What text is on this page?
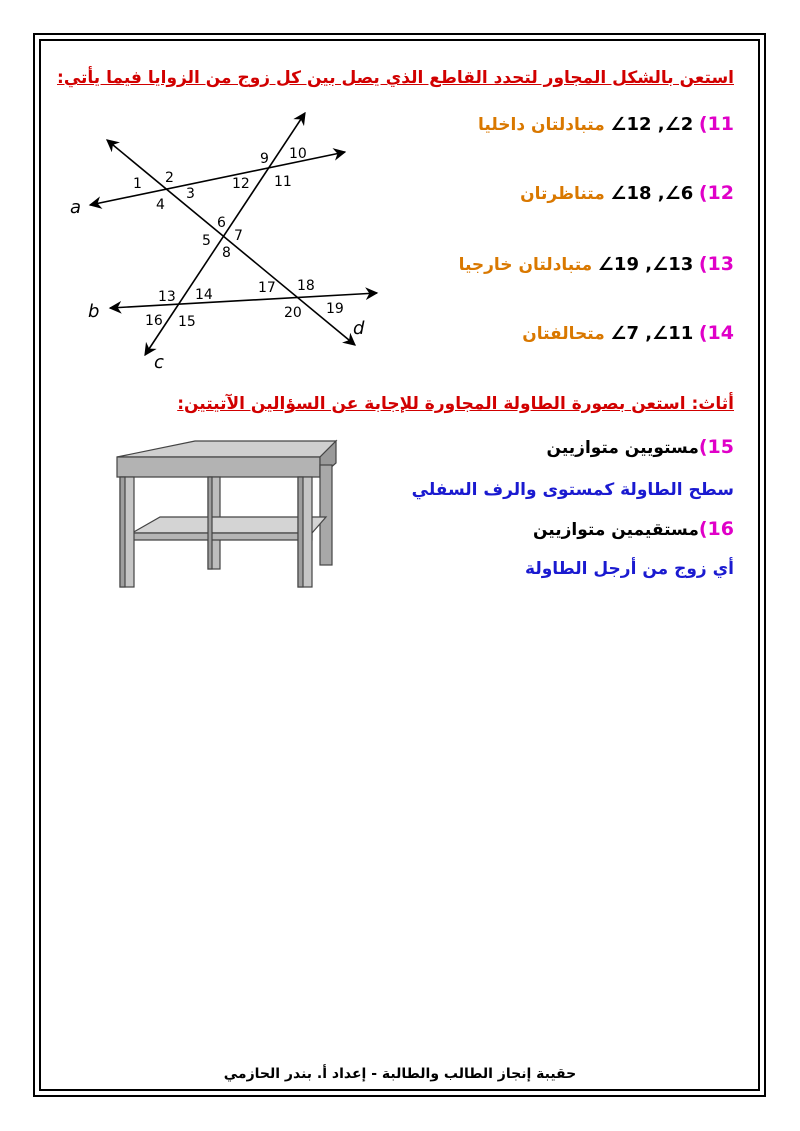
استعن بالشكل المجاور لتحدد القاطع الذي يصل بين كل زوج من الزوايا فيما يأتي:
11) ∠12 ,∠2 متبادلتان داخليا
12) ∠18 ,∠6 متناظرتان
13) ∠19 ,∠13 متبادلتان خارجيا
14) ∠7 ,∠11 متحالفتان
a
b
c
d
1 2
3
4
5
6
7
8
9 10
11
12
13 14
15
16
17 18
19
20
أثاث: استعن بصورة الطاولة المجاورة للإجابة عن السؤالين الآتيتين:
15)مستويين متوازيين
سطح الطاولة كمستوى والرف السفلي
16)مستقيمين متوازيين
أي زوج من أرجل الطاولة
حقيبة إنجاز الطالب والطالبة - إعداد أ. بندر الحازمي
